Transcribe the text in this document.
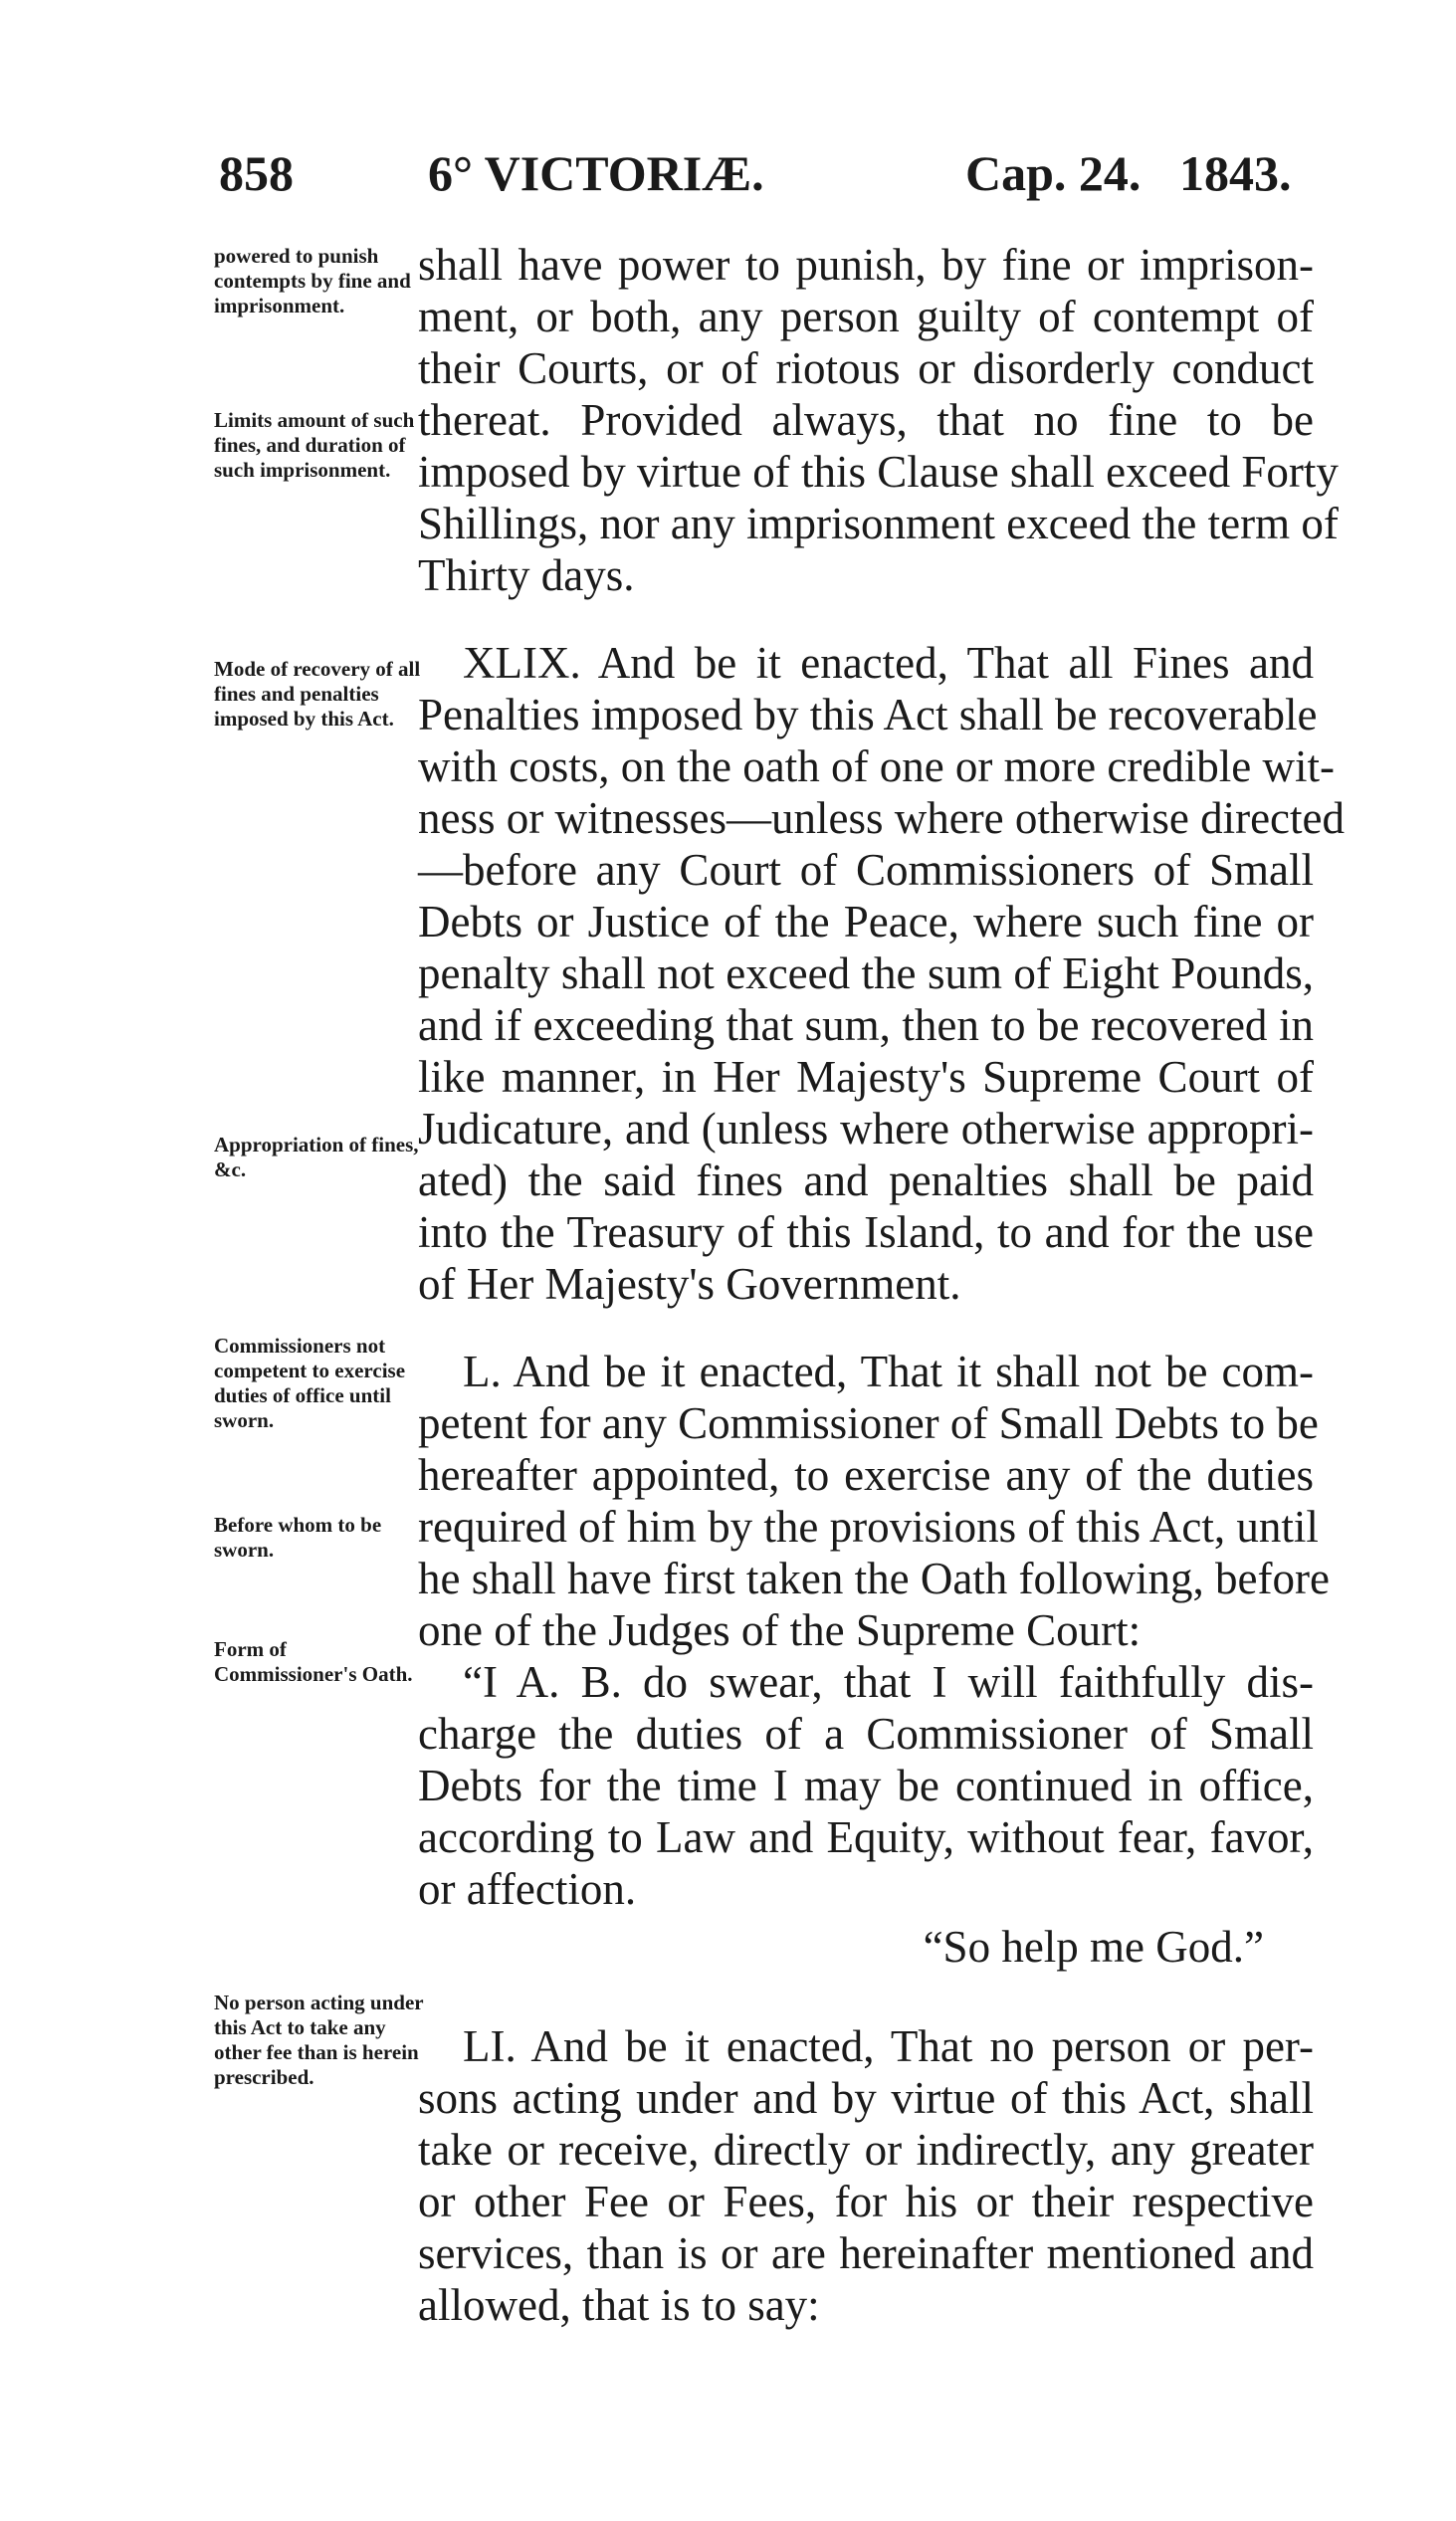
858	6° VICTORIÆ.	Cap. 24. 1843.
powered to punish contempts by fine and imprisonment.
Limits amount of such fines, and duration of such imprisonment.
Mode of recovery of all fines and penalties imposed by this Act.
Appropriation of fines, &c.
Commissioners not competent to exercise duties of office until sworn.
Before whom to be sworn.
Form of Commissioner's Oath.
No person acting under this Act to take any other fee than is herein prescribed.
shall have power to punish, by fine or imprison-
ment, or both, any person guilty of contempt of
their Courts, or of riotous or disorderly conduct
thereat. Provided always, that no fine to be
imposed by virtue of this Clause shall exceed Forty
Shillings, nor any imprisonment exceed the term of
Thirty days.
XLIX. And be it enacted, That all Fines and
Penalties imposed by this Act shall be recoverable
with costs, on the oath of one or more credible wit-
ness or witnesses—unless where otherwise directed
—before any Court of Commissioners of Small
Debts or Justice of the Peace, where such fine or
penalty shall not exceed the sum of Eight Pounds,
and if exceeding that sum, then to be recovered in
like manner, in Her Majesty's Supreme Court of
Judicature, and (unless where otherwise appropri-
ated) the said fines and penalties shall be paid
into the Treasury of this Island, to and for the use
of Her Majesty's Government.
L. And be it enacted, That it shall not be com-
petent for any Commissioner of Small Debts to be
hereafter appointed, to exercise any of the duties
required of him by the provisions of this Act, until
he shall have first taken the Oath following, before
one of the Judges of the Supreme Court:
“I A. B. do swear, that I will faithfully dis-
charge the duties of a Commissioner of Small
Debts for the time I may be continued in office,
according to Law and Equity, without fear, favor,
or affection.
“So help me God.”
LI. And be it enacted, That no person or per-
sons acting under and by virtue of this Act, shall
take or receive, directly or indirectly, any greater
or other Fee or Fees, for his or their respective
services, than is or are hereinafter mentioned and
allowed, that is to say:
